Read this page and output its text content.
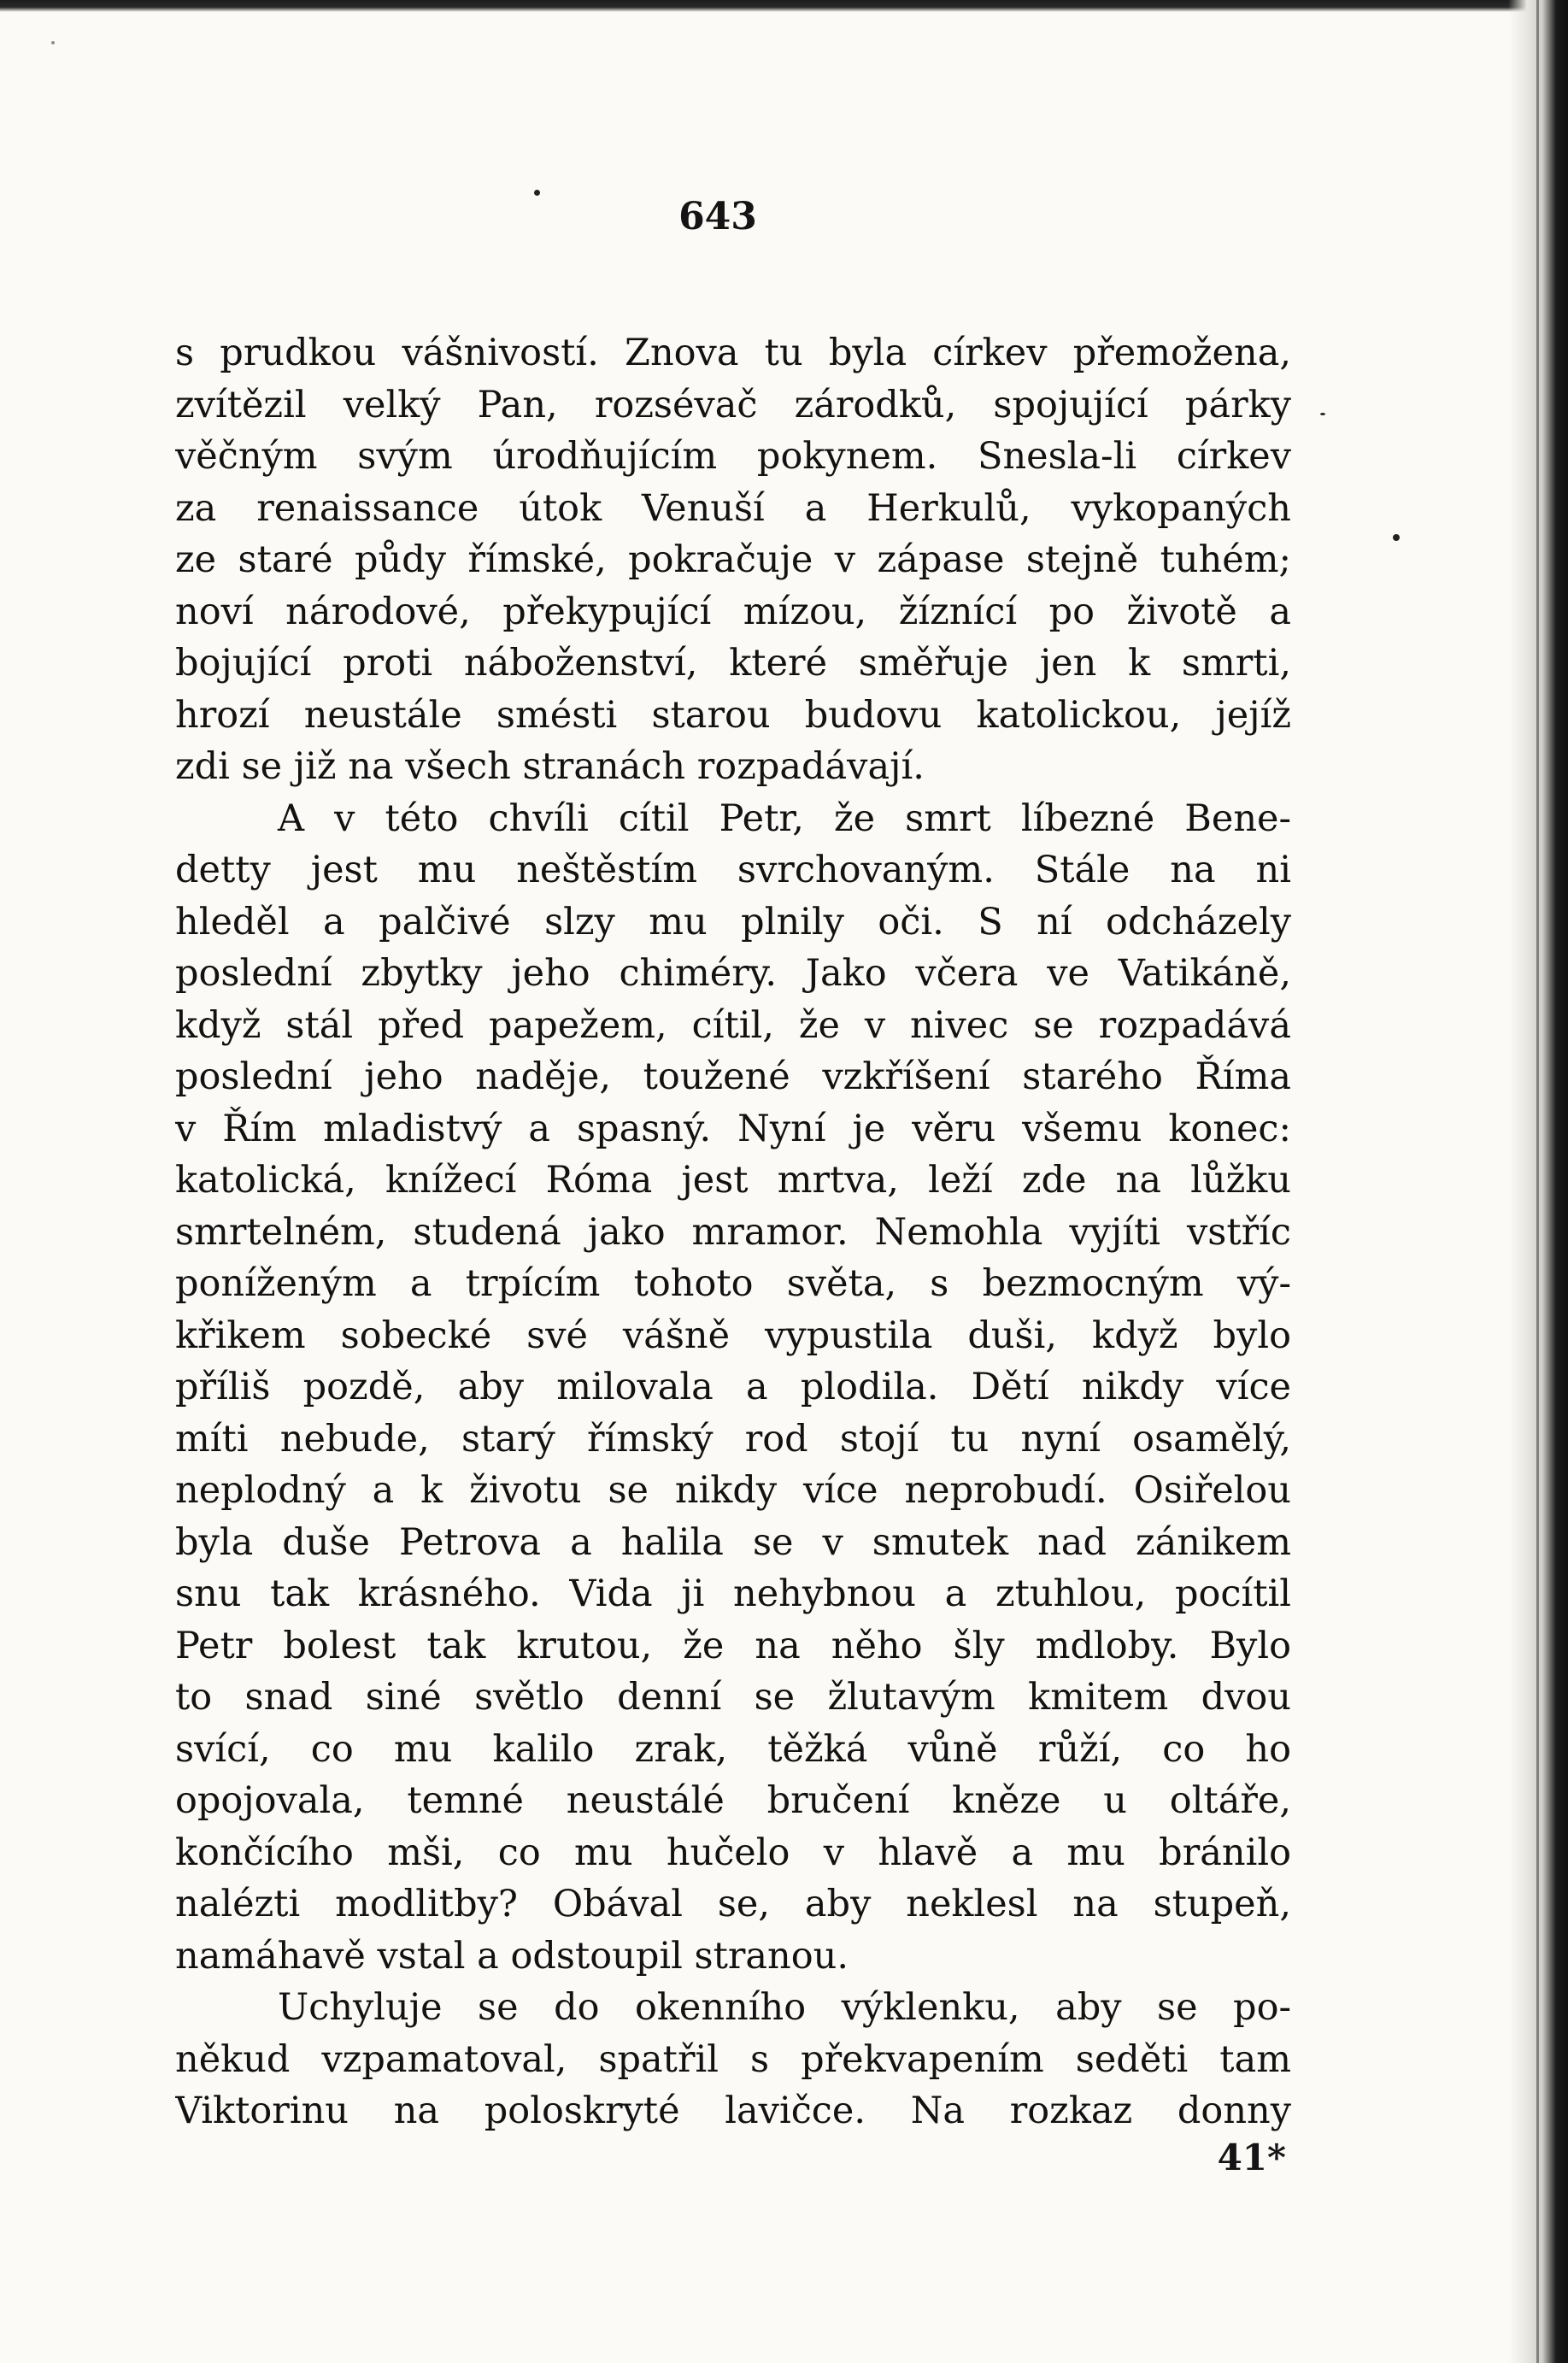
643

s prudkou vášnivostí. Znova tu byla církev přemožena,
zvítězil velký Pan, rozsévač zárodků, spojující párky
věčným svým úrodňujícím pokynem. Snesla-li církev
za renaissance útok Venuší a Herkulů, vykopaných
ze staré půdy římské, pokračuje v zápase stejně tuhém;
noví národové, překypující mízou, žíznící po životě a
bojující proti náboženství, které směřuje jen k smrti,
hrozí neustále smésti starou budovu katolickou, jejíž
zdi se již na všech stranách rozpadávají.
A v této chvíli cítil Petr, že smrt líbezné Bene-
detty jest mu neštěstím svrchovaným. Stále na ni
hleděl a palčivé slzy mu plnily oči. S ní odcházely
poslední zbytky jeho chiméry. Jako včera ve Vatikáně,
když stál před papežem, cítil, že v nivec se rozpadává
poslední jeho naděje, toužené vzkříšení starého Říma
v Řím mladistvý a spasný. Nyní je věru všemu konec:
katolická, knížecí Róma jest mrtva, leží zde na lůžku
smrtelném, studená jako mramor. Nemohla vyjíti vstříc
poníženým a trpícím tohoto světa, s bezmocným vý-
křikem sobecké své vášně vypustila duši, když bylo
příliš pozdě, aby milovala a plodila. Dětí nikdy více
míti nebude, starý římský rod stojí tu nyní osamělý,
neplodný a k životu se nikdy více neprobudí. Osiřelou
byla duše Petrova a halila se v smutek nad zánikem
snu tak krásného. Vida ji nehybnou a ztuhlou, pocítil
Petr bolest tak krutou, že na něho šly mdloby. Bylo
to snad siné světlo denní se žlutavým kmitem dvou
svící, co mu kalilo zrak, těžká vůně růží, co ho
opojovala, temné neustálé bručení kněze u oltáře,
končícího mši, co mu hučelo v hlavě a mu bránilo
nalézti modlitby? Obával se, aby neklesl na stupeň,
namáhavě vstal a odstoupil stranou.
Uchyluje se do okenního výklenku, aby se po-
někud vzpamatoval, spatřil s překvapením seděti tam
Viktorinu na poloskryté lavičce. Na rozkaz donny

41*
